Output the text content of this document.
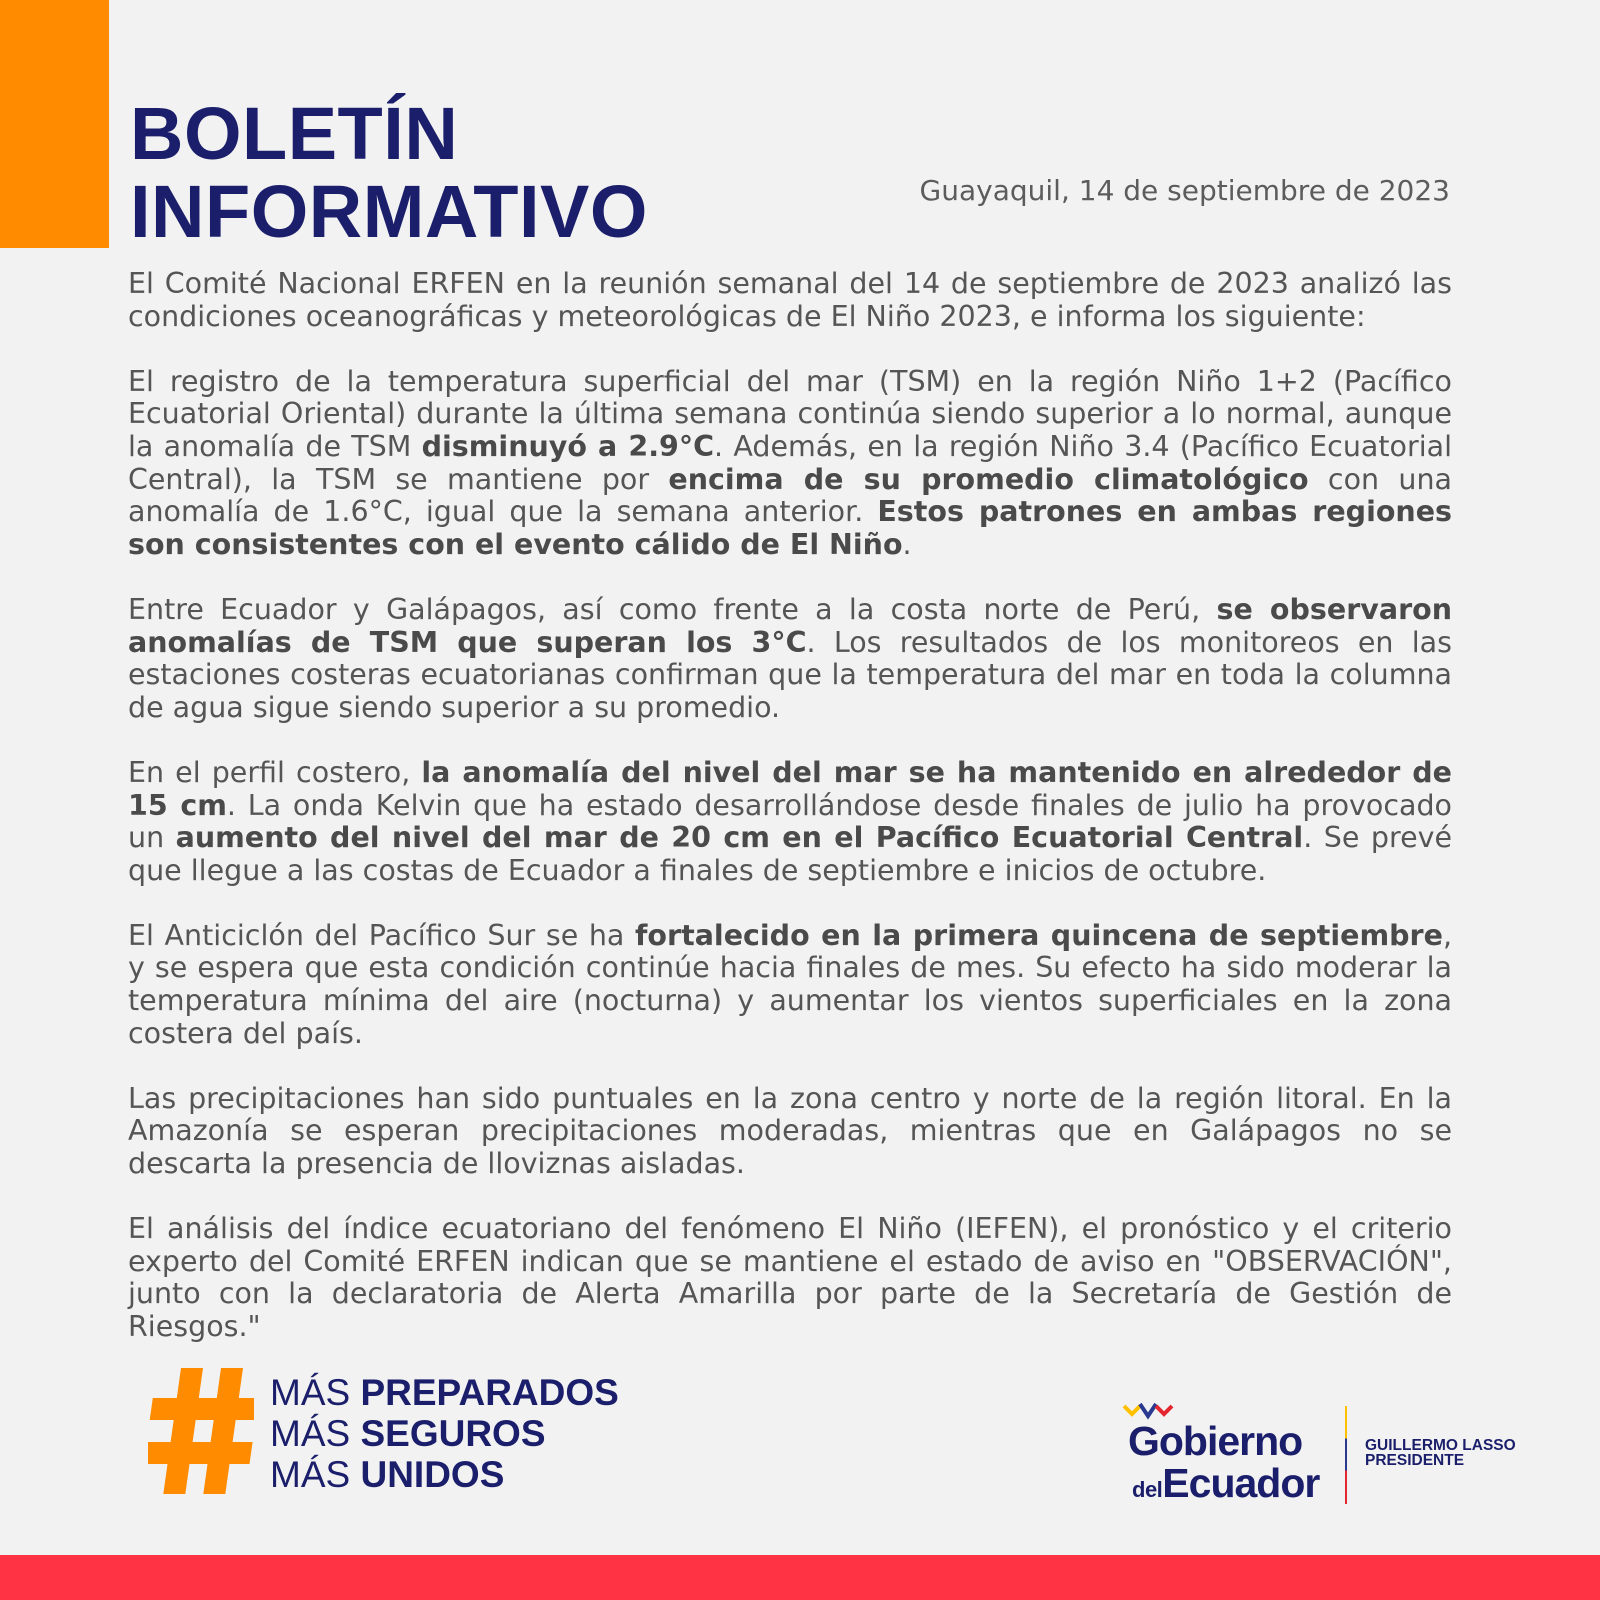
BOLETÍN
INFORMATIVO	Guayaquil, 14 de septiembre de 2023

El Comité Nacional ERFEN en la reunión semanal del 14 de septiembre de 2023 analizó las condiciones oceanográficas y meteorológicas de El Niño 2023, e informa los siguiente:

El registro de la temperatura superficial del mar (TSM) en la región Niño 1+2 (Pacífico Ecuatorial Oriental) durante la última semana continúa siendo superior a lo normal, aunque la anomalía de TSM disminuyó a 2.9°C. Además, en la región Niño 3.4 (Pacífico Ecuatorial Central), la TSM se mantiene por encima de su promedio climatológico con una anomalía de 1.6°C, igual que la semana anterior. Estos patrones en ambas regiones son consistentes con el evento cálido de El Niño.

Entre Ecuador y Galápagos, así como frente a la costa norte de Perú, se observaron anomalías de TSM que superan los 3°C. Los resultados de los monitoreos en las estaciones costeras ecuatorianas confirman que la temperatura del mar en toda la columna de agua sigue siendo superior a su promedio.

En el perfil costero, la anomalía del nivel del mar se ha mantenido en alrededor de 15 cm. La onda Kelvin que ha estado desarrollándose desde finales de julio ha provocado un aumento del nivel del mar de 20 cm en el Pacífico Ecuatorial Central. Se prevé que llegue a las costas de Ecuador a finales de septiembre e inicios de octubre.

El Anticiclón del Pacífico Sur se ha fortalecido en la primera quincena de septiembre, y se espera que esta condición continúe hacia finales de mes. Su efecto ha sido moderar la temperatura mínima del aire (nocturna) y aumentar los vientos superficiales en la zona costera del país.

Las precipitaciones han sido puntuales en la zona centro y norte de la región litoral. En la Amazonía se esperan precipitaciones moderadas, mientras que en Galápagos no se descarta la presencia de lloviznas aisladas.

El análisis del índice ecuatoriano del fenómeno El Niño (IEFEN), el pronóstico y el criterio experto del Comité ERFEN indican que se mantiene el estado de aviso en "OBSERVACIÓN", junto con la declaratoria de Alerta Amarilla por parte de la Secretaría de Gestión de Riesgos."

MÁS PREPARADOS
MÁS SEGUROS
MÁS UNIDOS
Gobierno
delEcuador
GUILLERMO LASSO
PRESIDENTE
